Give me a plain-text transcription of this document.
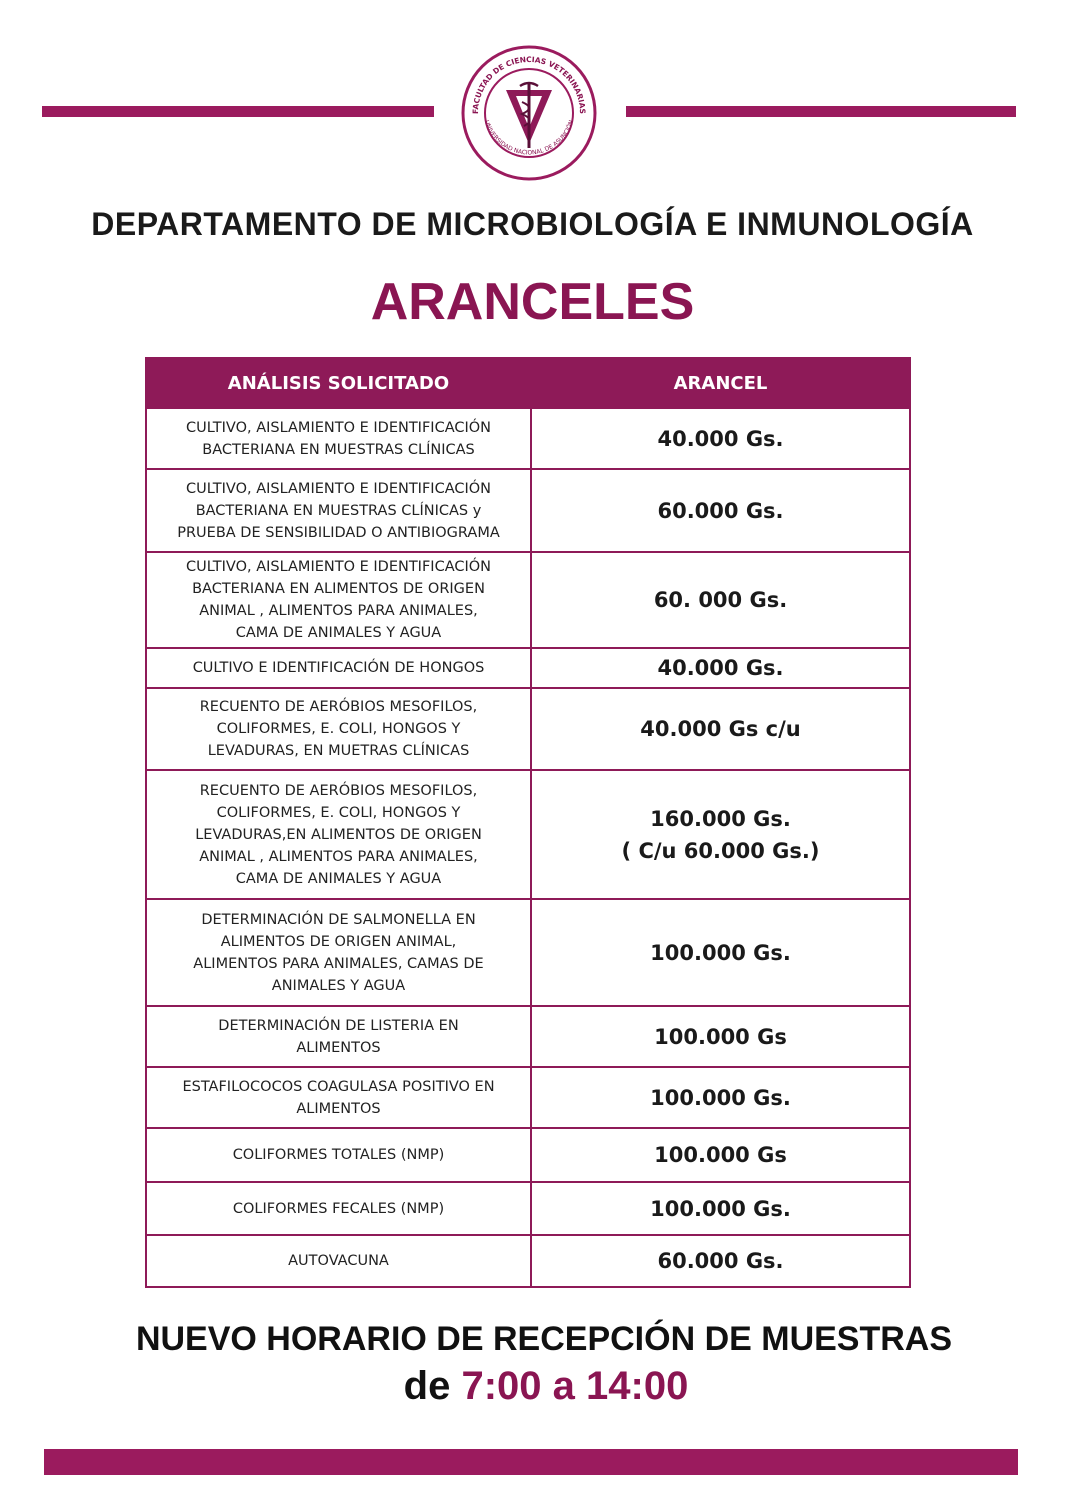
FACULTAD DE CIENCIAS VETERINARIAS
UNIVERSIDAD NACIONAL DE ASUNCIÓN
DEPARTAMENTO DE MICROBIOLOGÍA E INMUNOLOGÍA
ARANCELES
ANÁLISIS SOLICITADO	ARANCEL
CULTIVO, AISLAMIENTO E IDENTIFICACIÓN
BACTERIANA EN MUESTRAS CLÍNICAS	40.000 Gs.
CULTIVO, AISLAMIENTO E IDENTIFICACIÓN
BACTERIANA EN MUESTRAS CLÍNICAS y
PRUEBA DE SENSIBILIDAD O ANTIBIOGRAMA	60.000 Gs.
CULTIVO, AISLAMIENTO E IDENTIFICACIÓN
BACTERIANA EN ALIMENTOS DE ORIGEN
ANIMAL , ALIMENTOS PARA ANIMALES,
CAMA DE ANIMALES Y AGUA	60. 000 Gs.
CULTIVO E IDENTIFICACIÓN DE HONGOS	40.000 Gs.
RECUENTO DE AERÓBIOS MESOFILOS,
COLIFORMES, E. COLI, HONGOS Y
LEVADURAS, EN MUETRAS CLÍNICAS	40.000 Gs c/u
RECUENTO DE AERÓBIOS MESOFILOS,
COLIFORMES, E. COLI, HONGOS Y
LEVADURAS,EN ALIMENTOS DE ORIGEN
ANIMAL , ALIMENTOS PARA ANIMALES,
CAMA DE ANIMALES Y AGUA	160.000 Gs.
( C/u 60.000 Gs.)
DETERMINACIÓN DE SALMONELLA EN
ALIMENTOS DE ORIGEN ANIMAL,
ALIMENTOS PARA ANIMALES, CAMAS DE
ANIMALES Y AGUA	100.000 Gs.
DETERMINACIÓN DE LISTERIA EN
ALIMENTOS	100.000 Gs
ESTAFILOCOCOS COAGULASA POSITIVO EN
ALIMENTOS	100.000 Gs.
COLIFORMES TOTALES (NMP)	100.000 Gs
COLIFORMES FECALES (NMP)	100.000 Gs.
AUTOVACUNA	60.000 Gs.
NUEVO HORARIO DE RECEPCIÓN DE MUESTRAS
de 7:00 a 14:00
